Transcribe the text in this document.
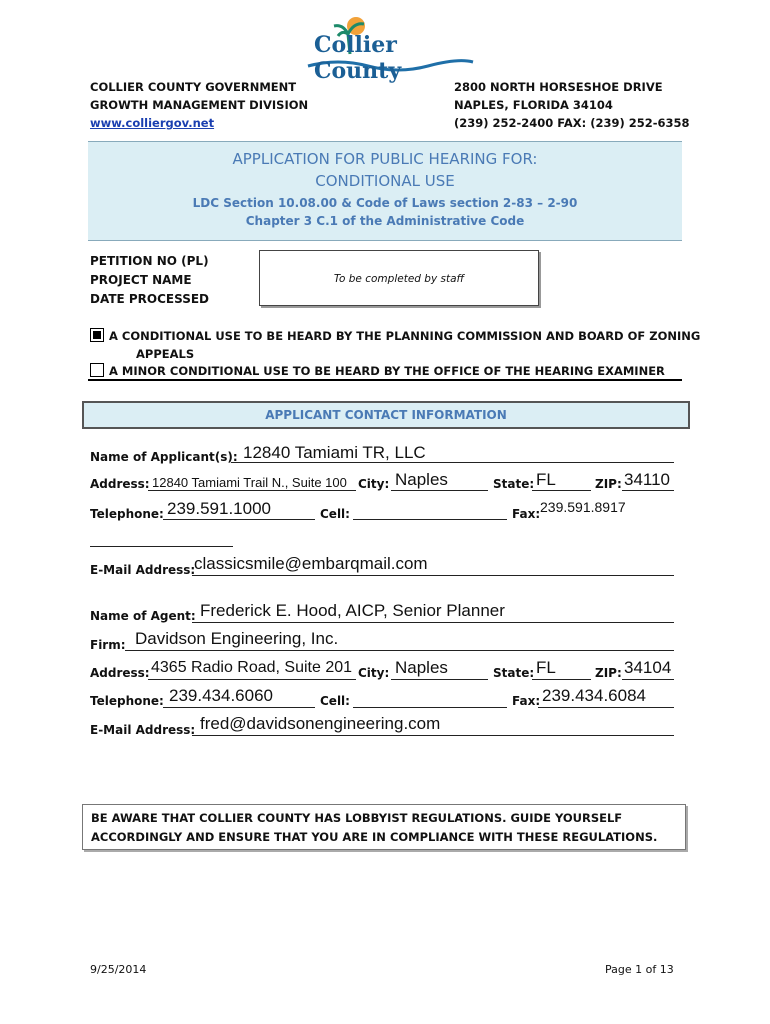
Collier County
COLLIER COUNTY GOVERNMENT
GROWTH MANAGEMENT DIVISION
www.colliergov.net
2800 NORTH HORSESHOE DRIVE
NAPLES, FLORIDA 34104
(239) 252-2400 FAX: (239) 252-6358
APPLICATION FOR PUBLIC HEARING FOR:
CONDITIONAL USE
LDC Section 10.08.00 & Code of Laws section 2-83 – 2-90
Chapter 3 C.1 of the Administrative Code
PETITION NO (PL)
PROJECT NAME
DATE PROCESSED
To be completed by staff
A CONDITIONAL USE TO BE HEARD BY THE PLANNING COMMISSION AND BOARD OF ZONING
APPEALS
A MINOR CONDITIONAL USE TO BE HEARD BY THE OFFICE OF THE HEARING EXAMINER
APPLICANT CONTACT INFORMATION
Name of Applicant(s): 12840 Tamiami TR, LLC
Address: 12840 Tamiami Trail N., Suite 100 City: Naples	State: FL	ZIP: 34110
Telephone: 239.591.1000	Cell:	Fax: 239.591.8917
E-Mail Address:
classicsmile@embarqmail.com
Name of Agent: Frederick E. Hood, AICP, Senior Planner
Firm: Davidson Engineering, Inc.
Address: 4365 Radio Road, Suite 201 City: Naples	State: FL	ZIP: 34104
Telephone: 239.434.6060	Cell:	Fax: 239.434.6084
E-Mail Address: fred@davidsonengineering.com
BE AWARE THAT COLLIER COUNTY HAS LOBBYIST REGULATIONS. GUIDE YOURSELF
ACCORDINGLY AND ENSURE THAT YOU ARE IN COMPLIANCE WITH THESE REGULATIONS.
9/25/2014	Page 1 of 13
